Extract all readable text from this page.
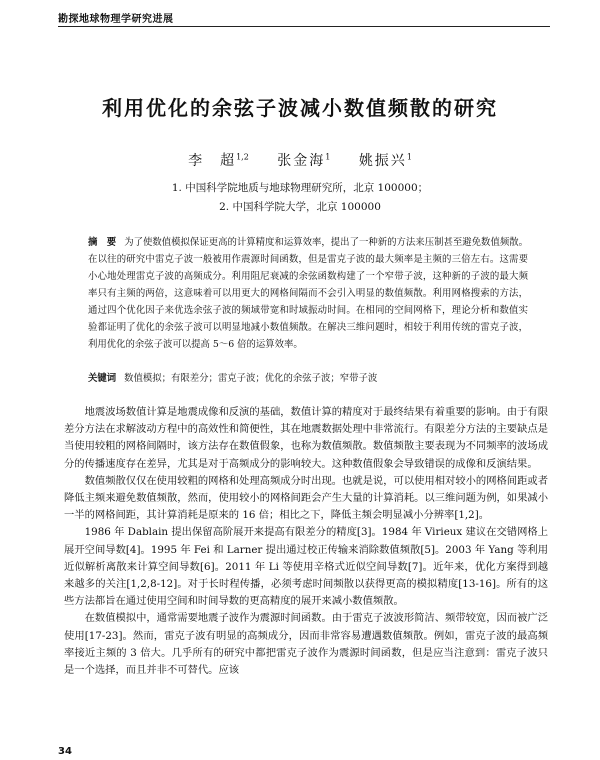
勘探地球物理学研究进展
利用优化的余弦子波减小数值频散的研究
李　超$^{1,2}$ 张金海$^1$ 姚振兴$^1$
1. 中国科学院地质与地球物理研究所，北京 100000；
2. 中国科学院大学，北京 100000
摘　要 为了使数值模拟保证更高的计算精度和运算效率，提出了一种新的方法来压制甚至避免数值频散。在以往的研究中雷克子波一般被用作震源时间函数，但是雷克子波的最大频率是主频的三倍左右。这需要小心地处理雷克子波的高频成分。利用阻尼衰减的余弦函数构建了一个窄带子波，这种新的子波的最大频率只有主频的两倍，这意味着可以用更大的网格间隔而不会引入明显的数值频散。利用网格搜索的方法，通过四个优化因子来优选余弦子波的频域带宽和时域振动时间。在相同的空间网格下，理论分析和数值实验都证明了优化的余弦子波可以明显地减小数值频散。在解决三维问题时，相较于利用传统的雷克子波，利用优化的余弦子波可以提高 5～6 倍的运算效率。
关键词 数值模拟；有限差分；雷克子波；优化的余弦子波；窄带子波

地震波场数值计算是地震成像和反演的基础，数值计算的精度对于最终结果有着重要的影响。由于有限差分方法在求解波动方程中的高效性和简便性，其在地震数据处理中非常流行。有限差分方法的主要缺点是当使用较粗的网格间隔时，该方法存在数值假象，也称为数值频散。数值频散主要表现为不同频率的波场成分的传播速度存在差异，尤其是对于高频成分的影响较大。这种数值假象会导致错误的成像和反演结果。

数值频散仅仅在使用较粗的网格和处理高频成分时出现。也就是说，可以使用相对较小的网格间距或者降低主频来避免数值频散，然而，使用较小的网格间距会产生大量的计算消耗。以三维问题为例，如果减小一半的网格间距，其计算消耗是原来的 16 倍；相比之下，降低主频会明显减小分辨率[1,2]。

1986 年 Dablain 提出保留高阶展开来提高有限差分的精度[3]。1984 年 Virieux 建议在交错网格上展开空间导数[4]。1995 年 Fei 和 Larner 提出通过校正传输来消除数值频散[5]。2003 年 Yang 等利用近似解析离散来计算空间导数[6]。2011 年 Li 等使用辛格式近似空间导数[7]。近年来，优化方案得到越来越多的关注[1,2,8-12]。对于长时程传播，必须考虑时间频散以获得更高的模拟精度[13-16]。所有的这些方法都旨在通过使用空间和时间导数的更高精度的展开来减小数值频散。

在数值模拟中，通常需要地震子波作为震源时间函数。由于雷克子波波形简洁、频带较宽，因而被广泛使用[17-23]。然而，雷克子波有明显的高频成分，因而非常容易遭遇数值频散。例如，雷克子波的最高频率接近主频的 3 倍大。几乎所有的研究中都把雷克子波作为震源时间函数，但是应当注意到：雷克子波只是一个选择，而且并非不可替代。应该

34
